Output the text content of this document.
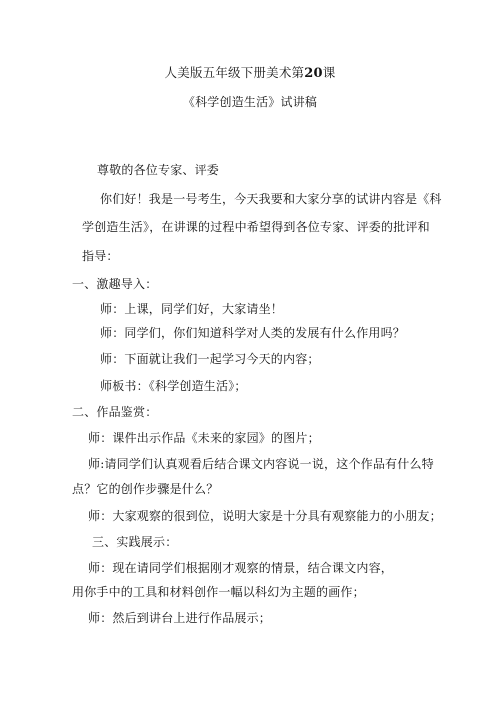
人美版五年级下册美术第20课
《科学创造生活》试讲稿
尊敬的各位专家、评委
你们好！我是一号考生，今天我要和大家分享的试讲内容是《科
学创造生活》，在讲课的过程中希望得到各位专家、评委的批评和
指导：
一、激趣导入：
师：上课，同学们好，大家请坐！
师：同学们，你们知道科学对人类的发展有什么作用吗？
师：下面就让我们一起学习今天的内容；
师板书：《科学创造生活》；
二、作品鉴赏：
师：课件出示作品《未来的家园》的图片；
师:请同学们认真观看后结合课文内容说一说，这个作品有什么特
点？它的创作步骤是什么？
师：大家观察的很到位，说明大家是十分具有观察能力的小朋友；
三、实践展示：
师：现在请同学们根据刚才观察的情景，结合课文内容，
用你手中的工具和材料创作一幅以科幻为主题的画作；
师：然后到讲台上进行作品展示；
